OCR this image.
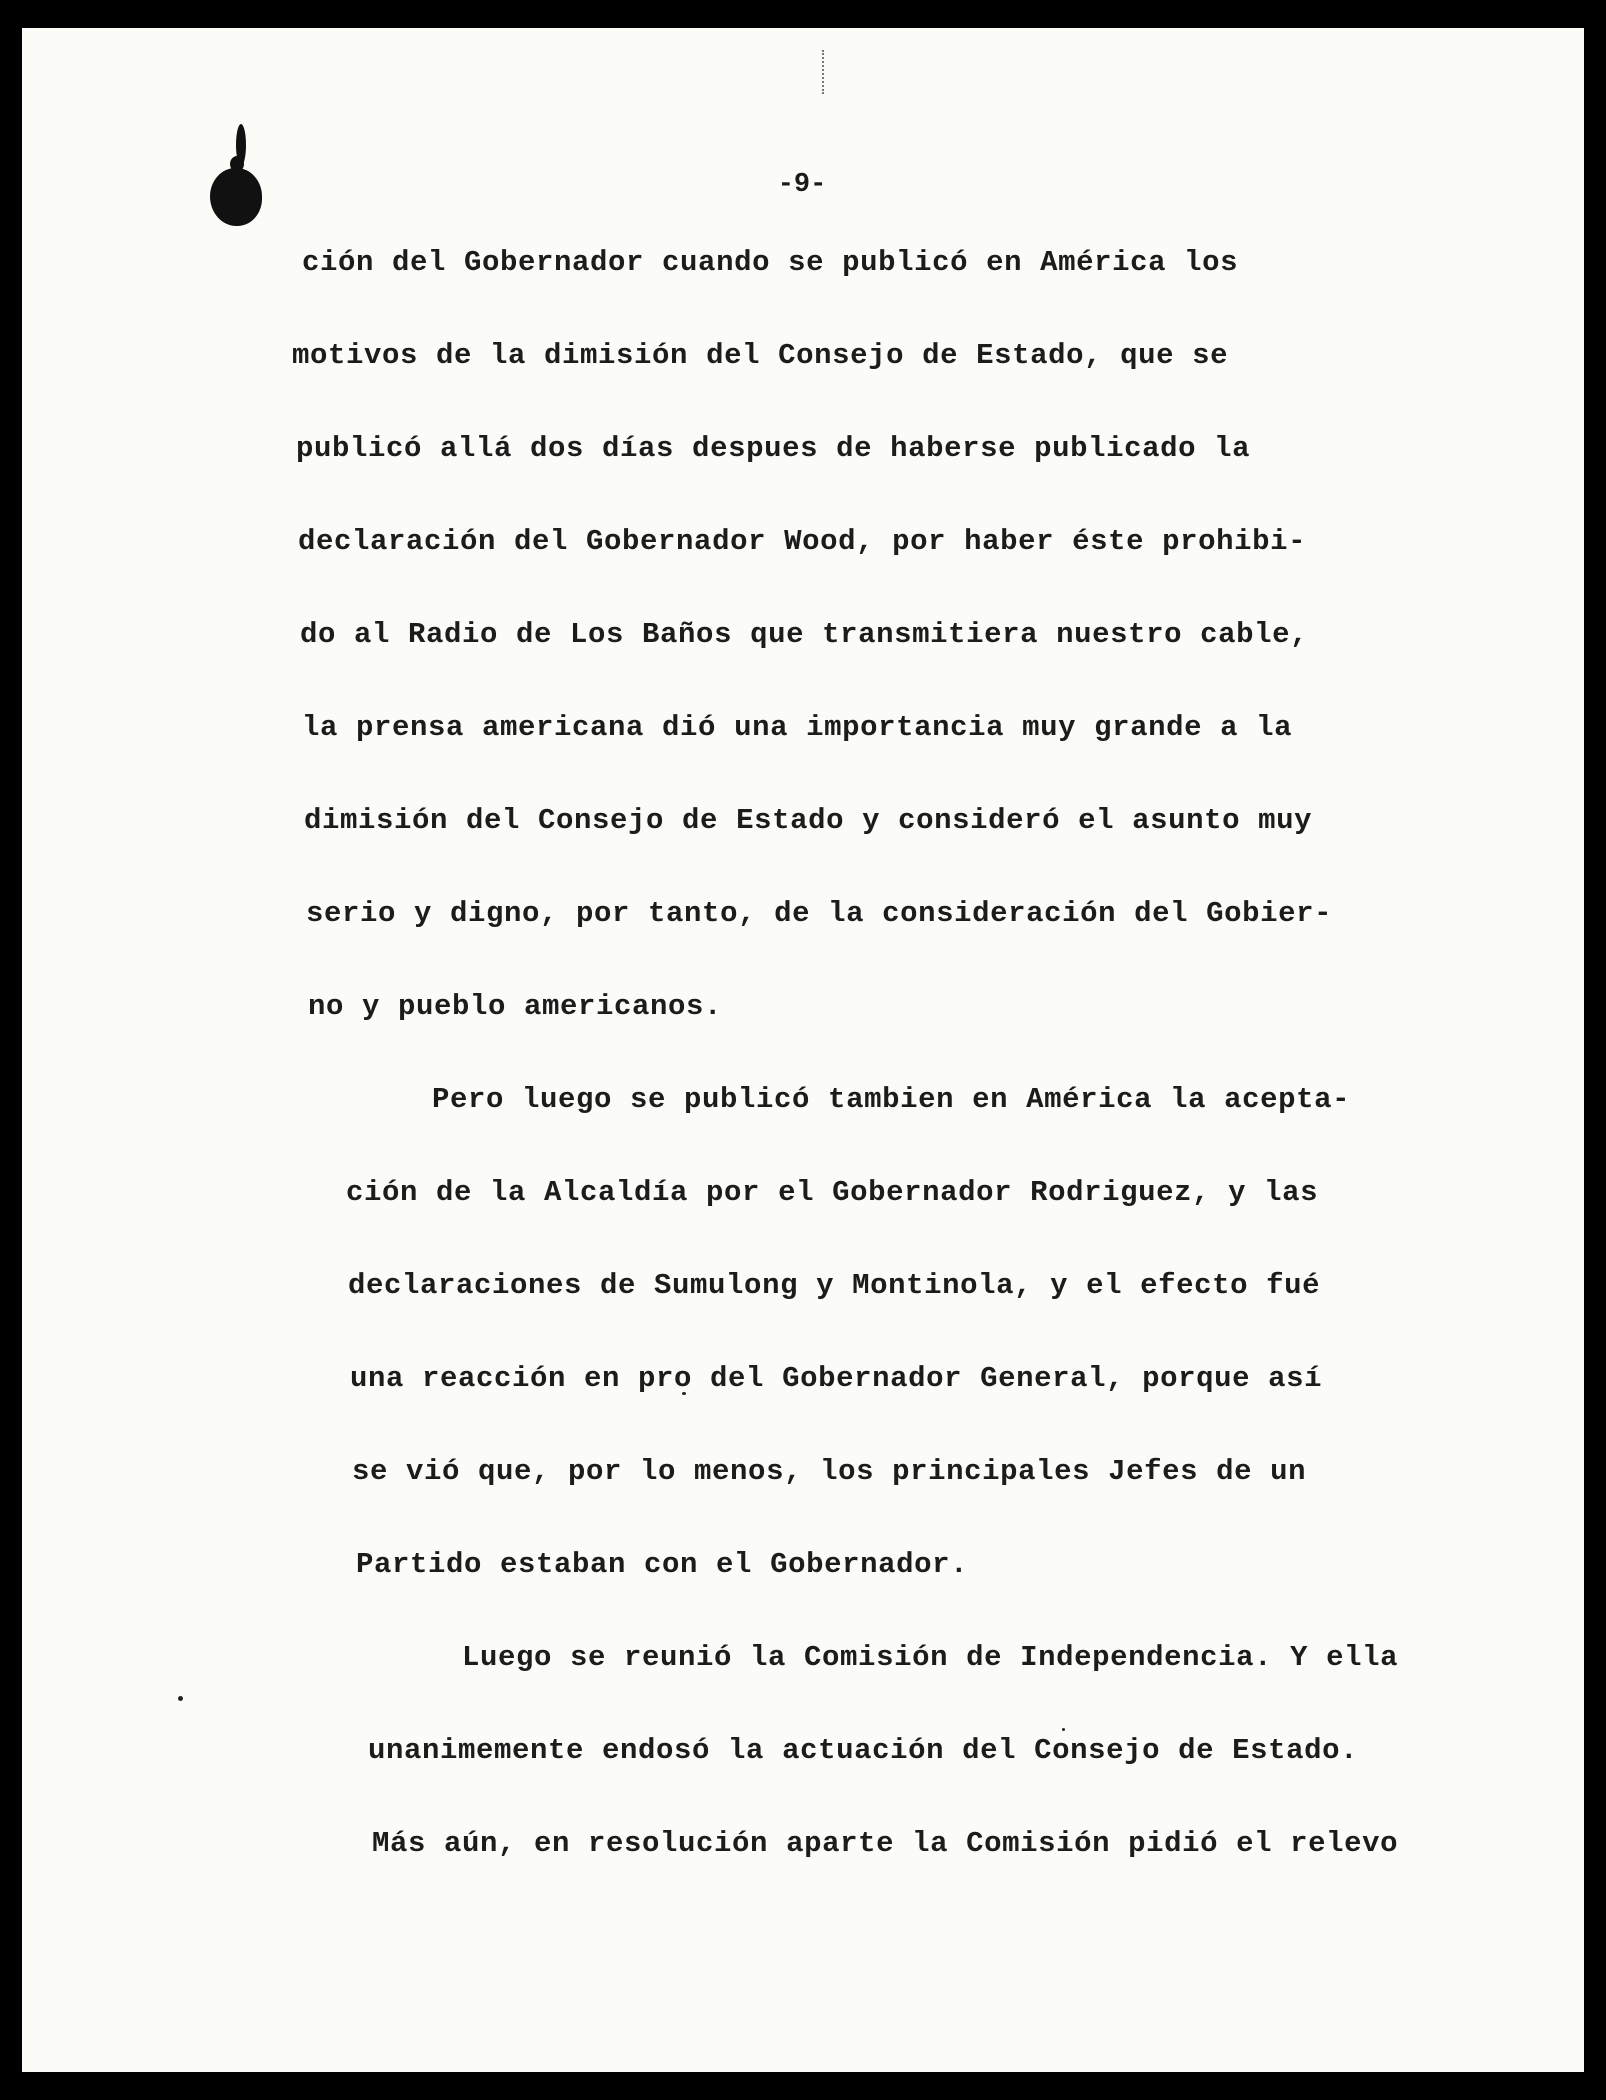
-9-

ción del Gobernador cuando se publicó en América los

motivos de la dimisión del Consejo de Estado, que se

publicó allá dos días despues de haberse publicado la

declaración del Gobernador Wood, por haber éste prohibi-

do al Radio de Los Baños que transmitiera nuestro cable,

la prensa americana dió una importancia muy grande a la

dimisión del Consejo de Estado y consideró el asunto muy

serio y digno, por tanto, de la consideración del Gobier-

no y pueblo americanos.

Pero luego se publicó tambien en América la acepta-

ción de la Alcaldía por el Gobernador Rodriguez, y las

declaraciones de Sumulong y Montinola, y el efecto fué

una reacción en pro del Gobernador General, porque así

se vió que, por lo menos, los principales Jefes de un

Partido estaban con el Gobernador.

Luego se reunió la Comisión de Independencia. Y ella

unanimemente endosó la actuación del Consejo de Estado.

Más aún, en resolución aparte la Comisión pidió el relevo
